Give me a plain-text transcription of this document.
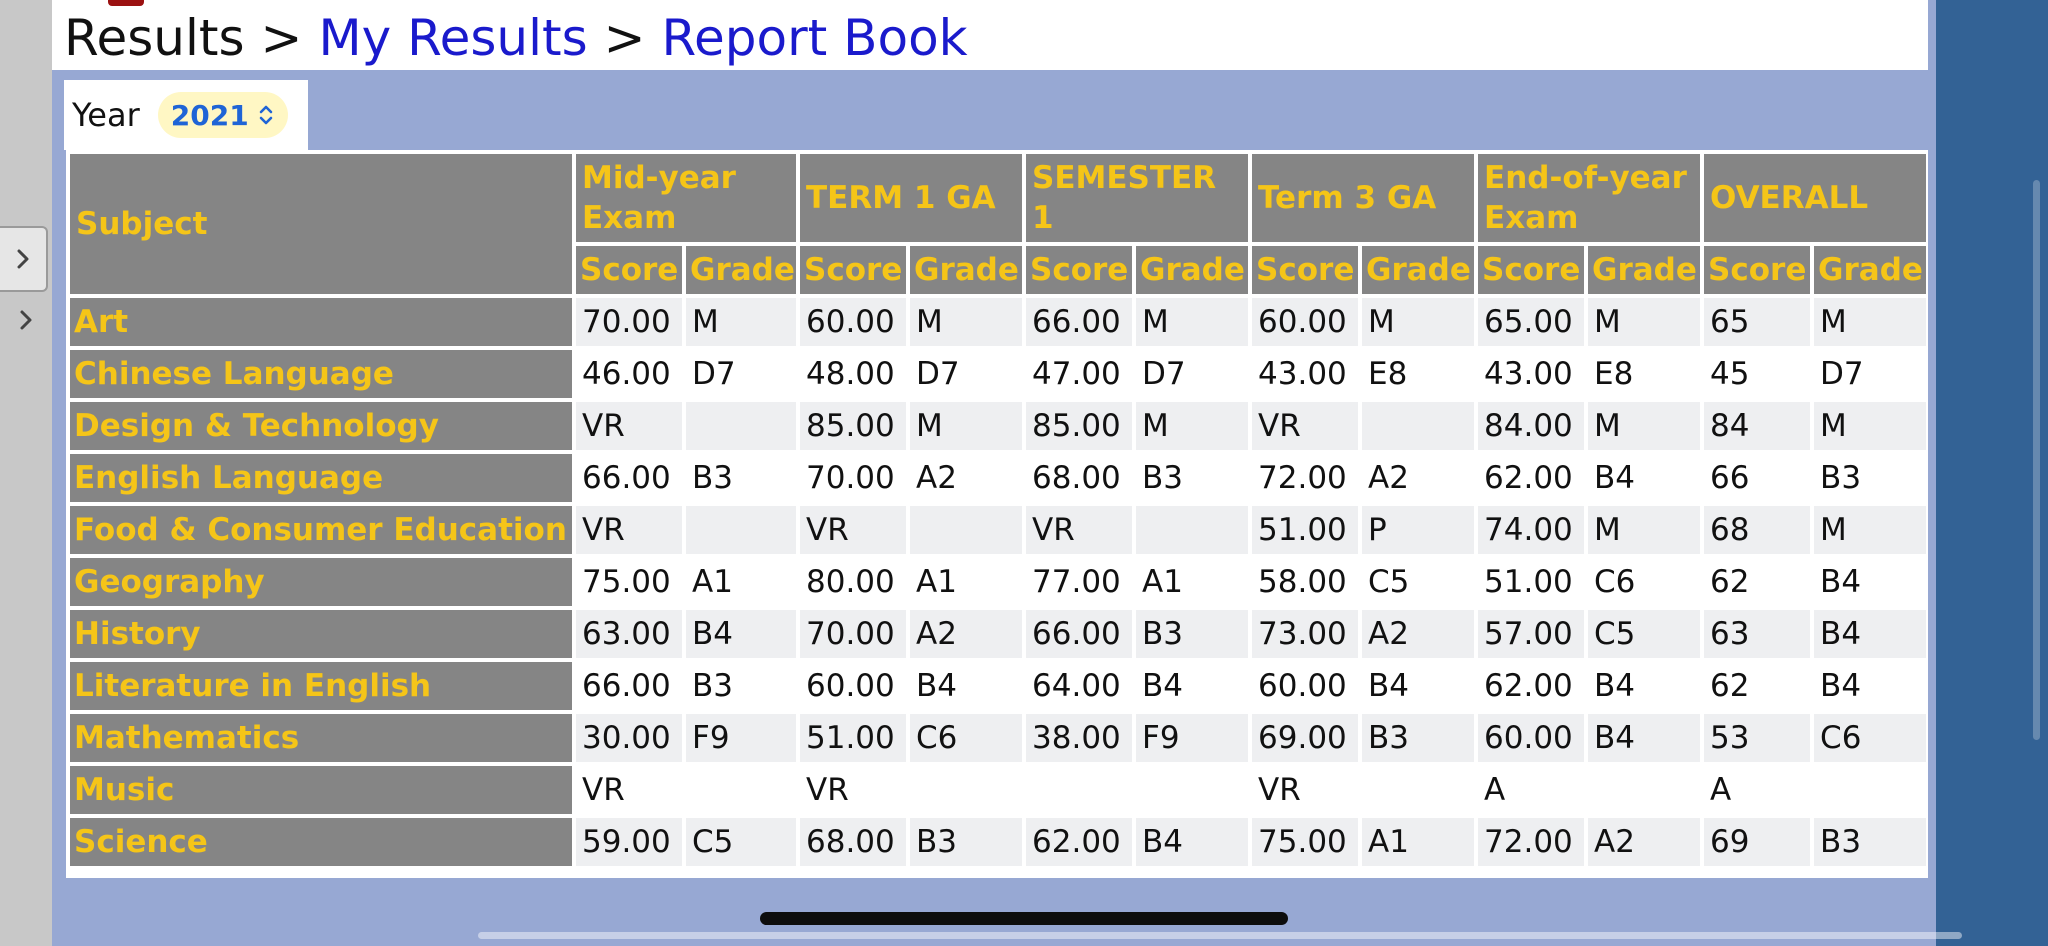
Results > My Results > Report Book
Year 2021
Subject	Mid-year Exam		TERM 1 GA		SEMESTER 1		Term 3 GA		End-of-year Exam		OVERALL	
	Score	Grade	Score	Grade	Score	Grade	Score	Grade	Score	Grade	Score	Grade
Art	70.00	M	60.00	M	66.00	M	60.00	M	65.00	M	65	M
Chinese Language	46.00	D7	48.00	D7	47.00	D7	43.00	E8	43.00	E8	45	D7
Design & Technology	VR		85.00	M	85.00	M	VR		84.00	M	84	M
English Language	66.00	B3	70.00	A2	68.00	B3	72.00	A2	62.00	B4	66	B3
Food & Consumer Education	VR		VR		VR		51.00	P	74.00	M	68	M
Geography	75.00	A1	80.00	A1	77.00	A1	58.00	C5	51.00	C6	62	B4
History	63.00	B4	70.00	A2	66.00	B3	73.00	A2	57.00	C5	63	B4
Literature in English	66.00	B3	60.00	B4	64.00	B4	60.00	B4	62.00	B4	62	B4
Mathematics	30.00	F9	51.00	C6	38.00	F9	69.00	B3	60.00	B4	53	C6
Music	VR		VR				VR		A		A	
Science	59.00	C5	68.00	B3	62.00	B4	75.00	A1	72.00	A2	69	B3
